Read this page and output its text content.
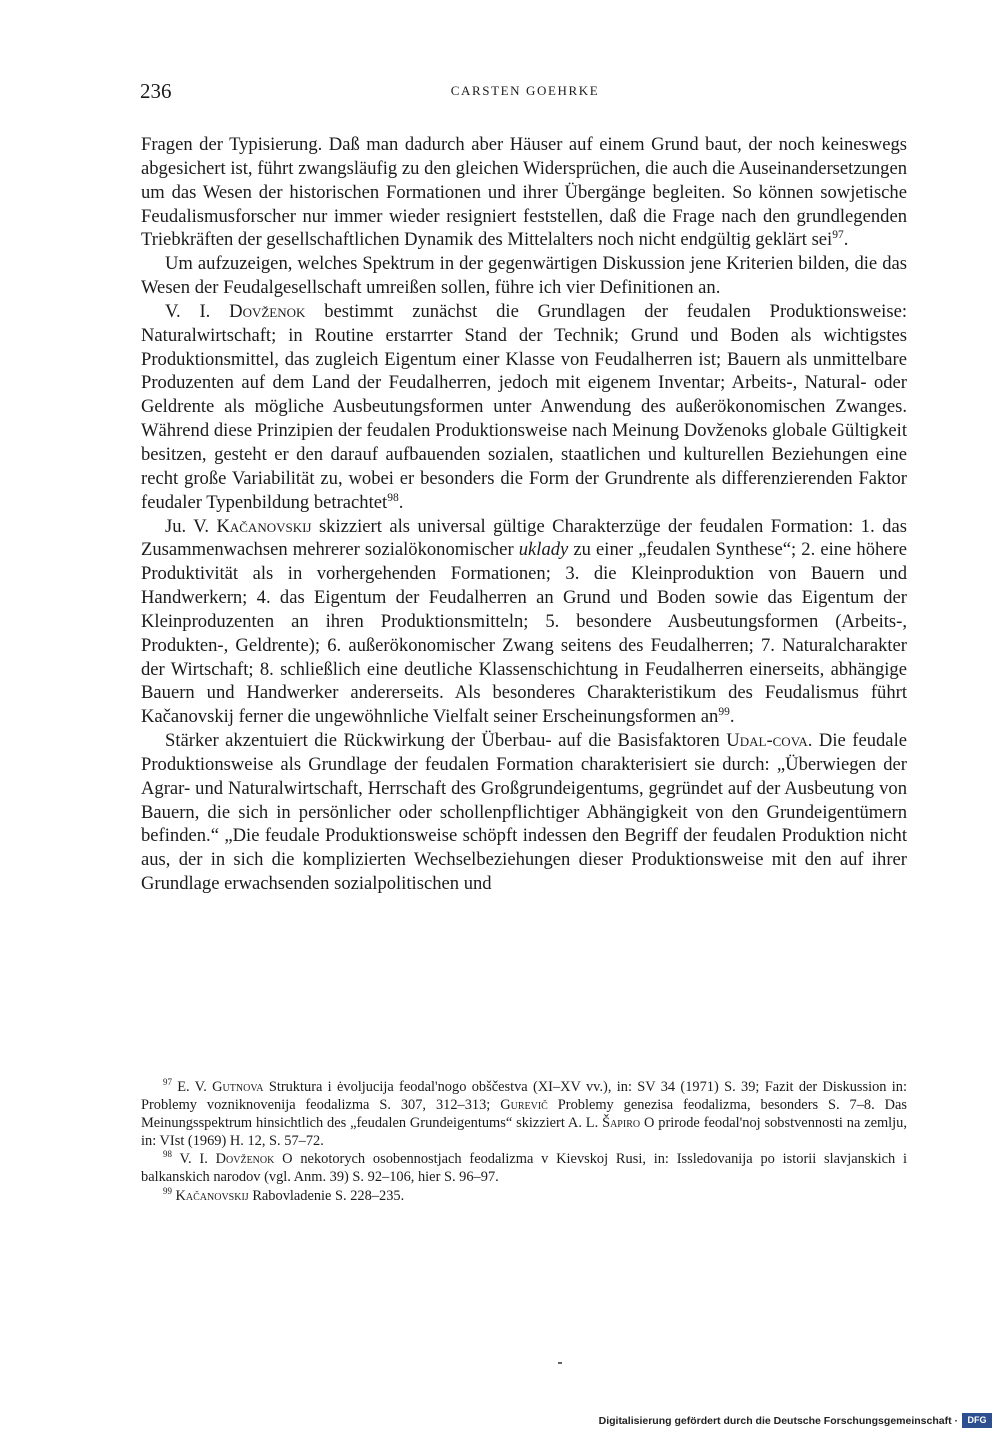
236	CARSTEN GOEHRKE

Fragen der Typisierung. Daß man dadurch aber Häuser auf einem Grund baut, der noch keineswegs abgesichert ist, führt zwangsläufig zu den gleichen Widersprüchen, die auch die Auseinandersetzungen um das Wesen der historischen Formationen und ihrer Übergänge begleiten. So können sowjetische Feudalismusforscher nur immer wieder resigniert feststellen, daß die Frage nach den grundlegenden Triebkräften der gesellschaftlichen Dynamik des Mittelalters noch nicht endgültig geklärt sei$^{97}$.

Um aufzuzeigen, welches Spektrum in der gegenwärtigen Diskussion jene Kriterien bilden, die das Wesen der Feudalgesellschaft umreißen sollen, führe ich vier Definitionen an.

V. I. Dovženok bestimmt zunächst die Grundlagen der feudalen Produktionsweise: Naturalwirtschaft; in Routine erstarrter Stand der Technik; Grund und Boden als wichtigstes Produktionsmittel, das zugleich Eigentum einer Klasse von Feudalherren ist; Bauern als unmittelbare Produzenten auf dem Land der Feudalherren, jedoch mit eigenem Inventar; Arbeits-, Natural- oder Geldrente als mögliche Ausbeutungsformen unter Anwendung des außerökonomischen Zwanges. Während diese Prinzipien der feudalen Produktionsweise nach Meinung Dovženoks globale Gültigkeit besitzen, gesteht er den darauf aufbauenden sozialen, staatlichen und kulturellen Beziehungen eine recht große Variabilität zu, wobei er besonders die Form der Grundrente als differenzierenden Faktor feudaler Typenbildung betrachtet$^{98}$.

Ju. V. Kačanovskij skizziert als universal gültige Charakterzüge der feudalen Formation: 1. das Zusammenwachsen mehrerer sozialökonomischer uklady zu einer „feudalen Synthese“; 2. eine höhere Produktivität als in vorhergehenden Formationen; 3. die Kleinproduktion von Bauern und Handwerkern; 4. das Eigentum der Feudalherren an Grund und Boden sowie das Eigentum der Kleinproduzenten an ihren Produktionsmitteln; 5. besondere Ausbeutungsformen (Arbeits-, Produkten-, Geldrente); 6. außerökonomischer Zwang seitens des Feudalherren; 7. Naturalcharakter der Wirtschaft; 8. schließlich eine deutliche Klassenschichtung in Feudalherren einerseits, abhängige Bauern und Handwerker andererseits. Als besonderes Charakteristikum des Feudalismus führt Kačanovskij ferner die ungewöhnliche Vielfalt seiner Erscheinungsformen $an^{99}$.

Stärker akzentuiert die Rückwirkung der Überbau- auf die Basisfaktoren Udal-cova. Die feudale Produktionsweise als Grundlage der feudalen Formation charakterisiert sie durch: „Überwiegen der Agrar- und Naturalwirtschaft, Herrschaft des Großgrundeigentums, gegründet auf der Ausbeutung von Bauern, die sich in persönlicher oder schollenpflichtiger Abhängigkeit von den Grundeigentümern befinden.“ „Die feudale Produktionsweise schöpft indessen den Begriff der feudalen Produktion nicht aus, der in sich die komplizierten Wechselbeziehungen dieser Produktionsweise mit den auf ihrer Grundlage erwachsenden sozialpolitischen und

$^{97}$ E. V. Gutnova Struktura i ėvoljucija feodal'nogo obščestva (XI–XV vv.), in: SV 34 (1971) S. 39; Fazit der Diskussion in: Problemy vozniknovenija feodalizma S. 307, 312–313; Gurevič Problemy genezisa feodalizma, besonders S. 7–8. Das Meinungsspektrum hinsichtlich des „feudalen Grundeigentums“ skizziert A. L. Šapiro O prirode feodal'noj sobstvennosti na zemlju, in: VIst (1969) H. 12, S. 57–72.

$^{98}$ V. I. Dovženok O nekotorych osobennostjach feodalizma v Kievskoj Rusi, in: Issledovanija po istorii slavjanskich i balkanskich narodov (vgl. Anm. 39) S. 92–106, hier S. 96–97.

$^{99}$ Kačanovskij Rabovladenie S. 228–235.

Digitalisierung gefördert durch die Deutsche Forschungsgemeinschaft ·	DFG
